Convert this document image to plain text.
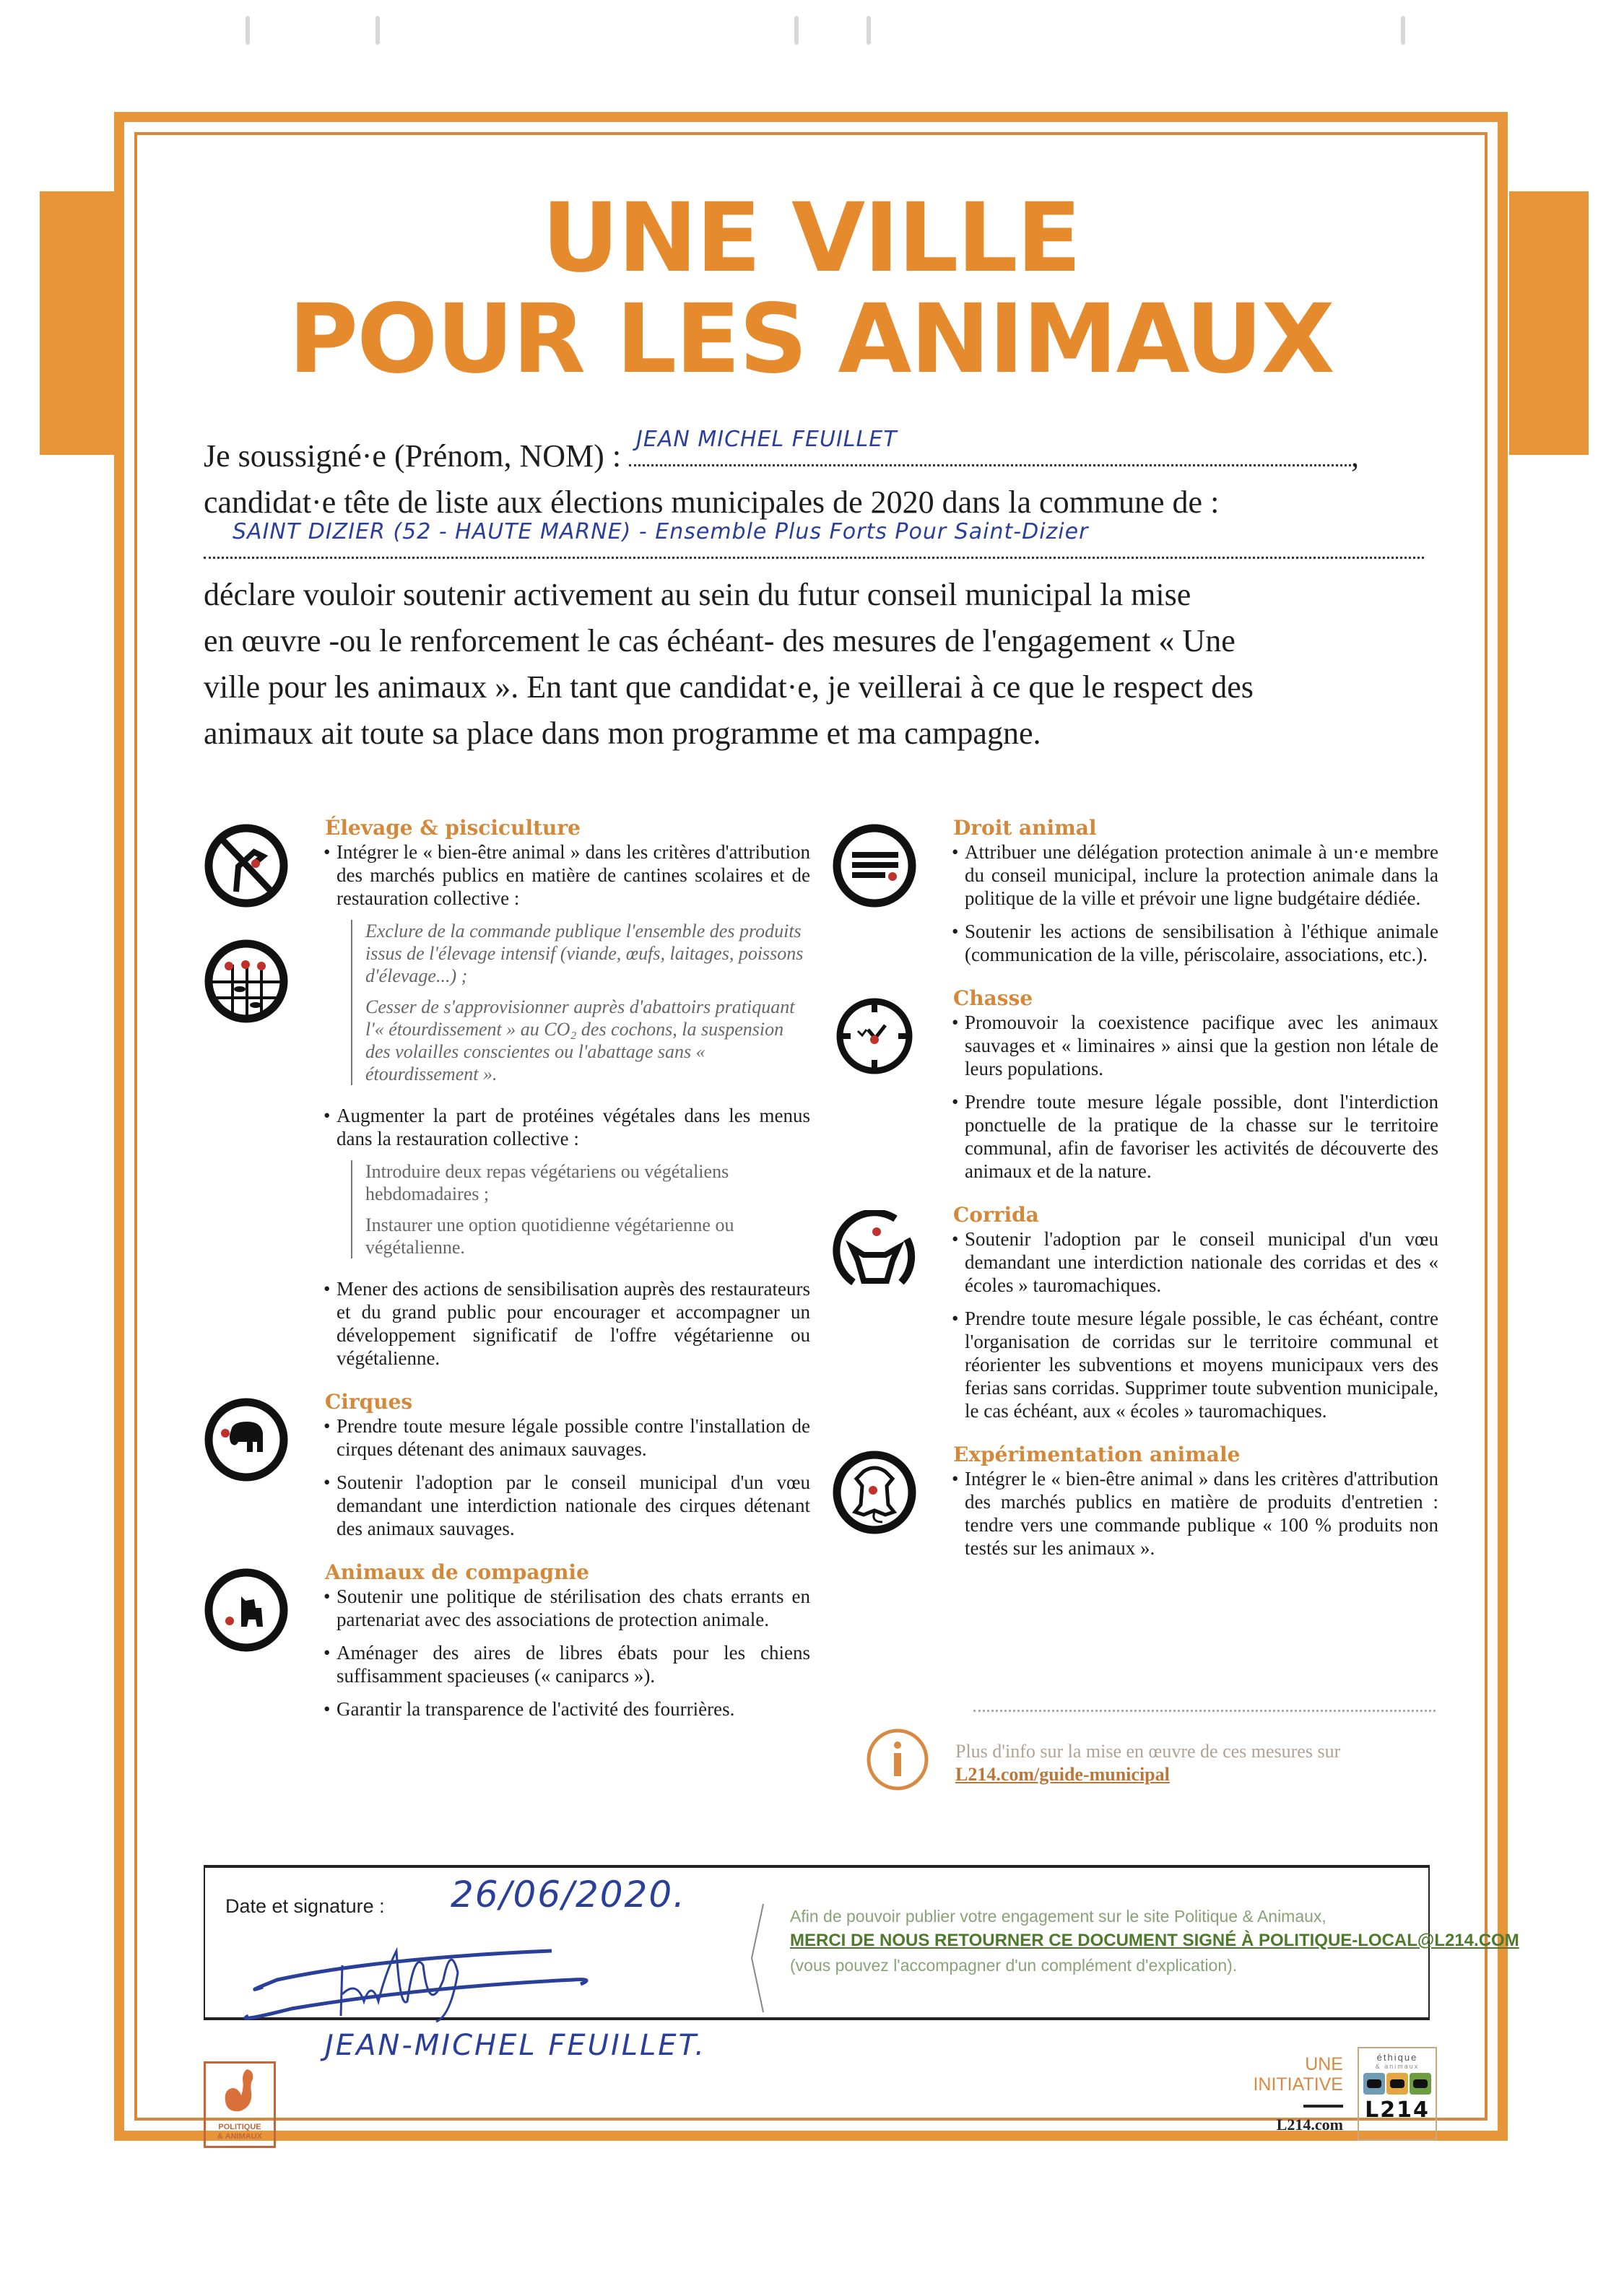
UNE VILLE
POUR LES ANIMAUX
Je soussigné·e (Prénom, NOM) : JEAN MICHEL FEUILLET	,
candidat·e tête de liste aux élections municipales de 2020 dans la commune de :
SAINT DIZIER (52 - HAUTE MARNE) - Ensemble Plus Forts Pour Saint-Dizier
déclare vouloir soutenir activement au sein du futur conseil municipal la mise
en œuvre -ou le renforcement le cas échéant- des mesures de l'engagement « Une
ville pour les animaux ». En tant que candidat·e, je veillerai à ce que le respect des
animaux ait toute sa place dans mon programme et ma campagne.
Élevage & pisciculture

• Intégrer le « bien-être animal » dans les critères d'attribution des marchés publics en matière de cantines scolaires et de restauration collective :

Exclure de la commande publique l'ensemble des produits issus de l'élevage intensif (viande, œufs, laitages, poissons d'élevage...) ;

Cesser de s'approvisionner auprès d'abattoirs pratiquant l'« étourdissement » au CO₂ des cochons, la suspension des volailles conscientes ou l'abattage sans « étourdissement ».

• Augmenter la part de protéines végétales dans les menus dans la restauration collective :

Introduire deux repas végétariens ou végétaliens hebdomadaires ;

Instaurer une option quotidienne végétarienne ou végétalienne.

• Mener des actions de sensibilisation auprès des restaurateurs et du grand public pour encourager et accompagner un développement significatif de l'offre végétarienne ou végétalienne.

Cirques

• Prendre toute mesure légale possible contre l'installation de cirques détenant des animaux sauvages.

• Soutenir l'adoption par le conseil municipal d'un vœu demandant une interdiction nationale des cirques détenant des animaux sauvages.

Animaux de compagnie

• Soutenir une politique de stérilisation des chats errants en partenariat avec des associations de protection animale.

• Aménager des aires de libres ébats pour les chiens suffisamment spacieuses (« caniparcs »).

• Garantir la transparence de l'activité des fourrières.

Droit animal

• Attribuer une délégation protection animale à un·e membre du conseil municipal, inclure la protection animale dans la politique de la ville et prévoir une ligne budgétaire dédiée.

• Soutenir les actions de sensibilisation à l'éthique animale (communication de la ville, périscolaire, associations, etc.).

Chasse

• Promouvoir la coexistence pacifique avec les animaux sauvages et « liminaires » ainsi que la gestion non létale de leurs populations.

• Prendre toute mesure légale possible, dont l'interdiction ponctuelle de la pratique de la chasse sur le territoire communal, afin de favoriser les activités de découverte des animaux et de la nature.

Corrida

• Soutenir l'adoption par le conseil municipal d'un vœu demandant une interdiction nationale des corridas et des « écoles » tauromachiques.

• Prendre toute mesure légale possible, le cas échéant, contre l'organisation de corridas sur le territoire communal et réorienter les subventions et moyens municipaux vers des ferias sans corridas. Supprimer toute subvention municipale, le cas échéant, aux « écoles » tauromachiques.

Expérimentation animale

• Intégrer le « bien-être animal » dans les critères d'attribution des marchés publics en matière de produits d'entretien : tendre vers une commande publique « 100 % produits non testés sur les animaux ».

Plus d'info sur la mise en œuvre de ces mesures sur
L214.com/guide-municipal
Date et signature : 26/06/2020.
Afin de pouvoir publier votre engagement sur le site Politique & Animaux,
MERCI DE NOUS RETOURNER CE DOCUMENT SIGNÉ À POLITIQUE-LOCAL@L214.COM
(vous pouvez l'accompagner d'un complément d'explication).
JEAN-MICHEL FEUILLET.
POLITIQUE
& ANIMAUX
UNE
INITIATIVE
L214.com
éthique
& animaux
L214
